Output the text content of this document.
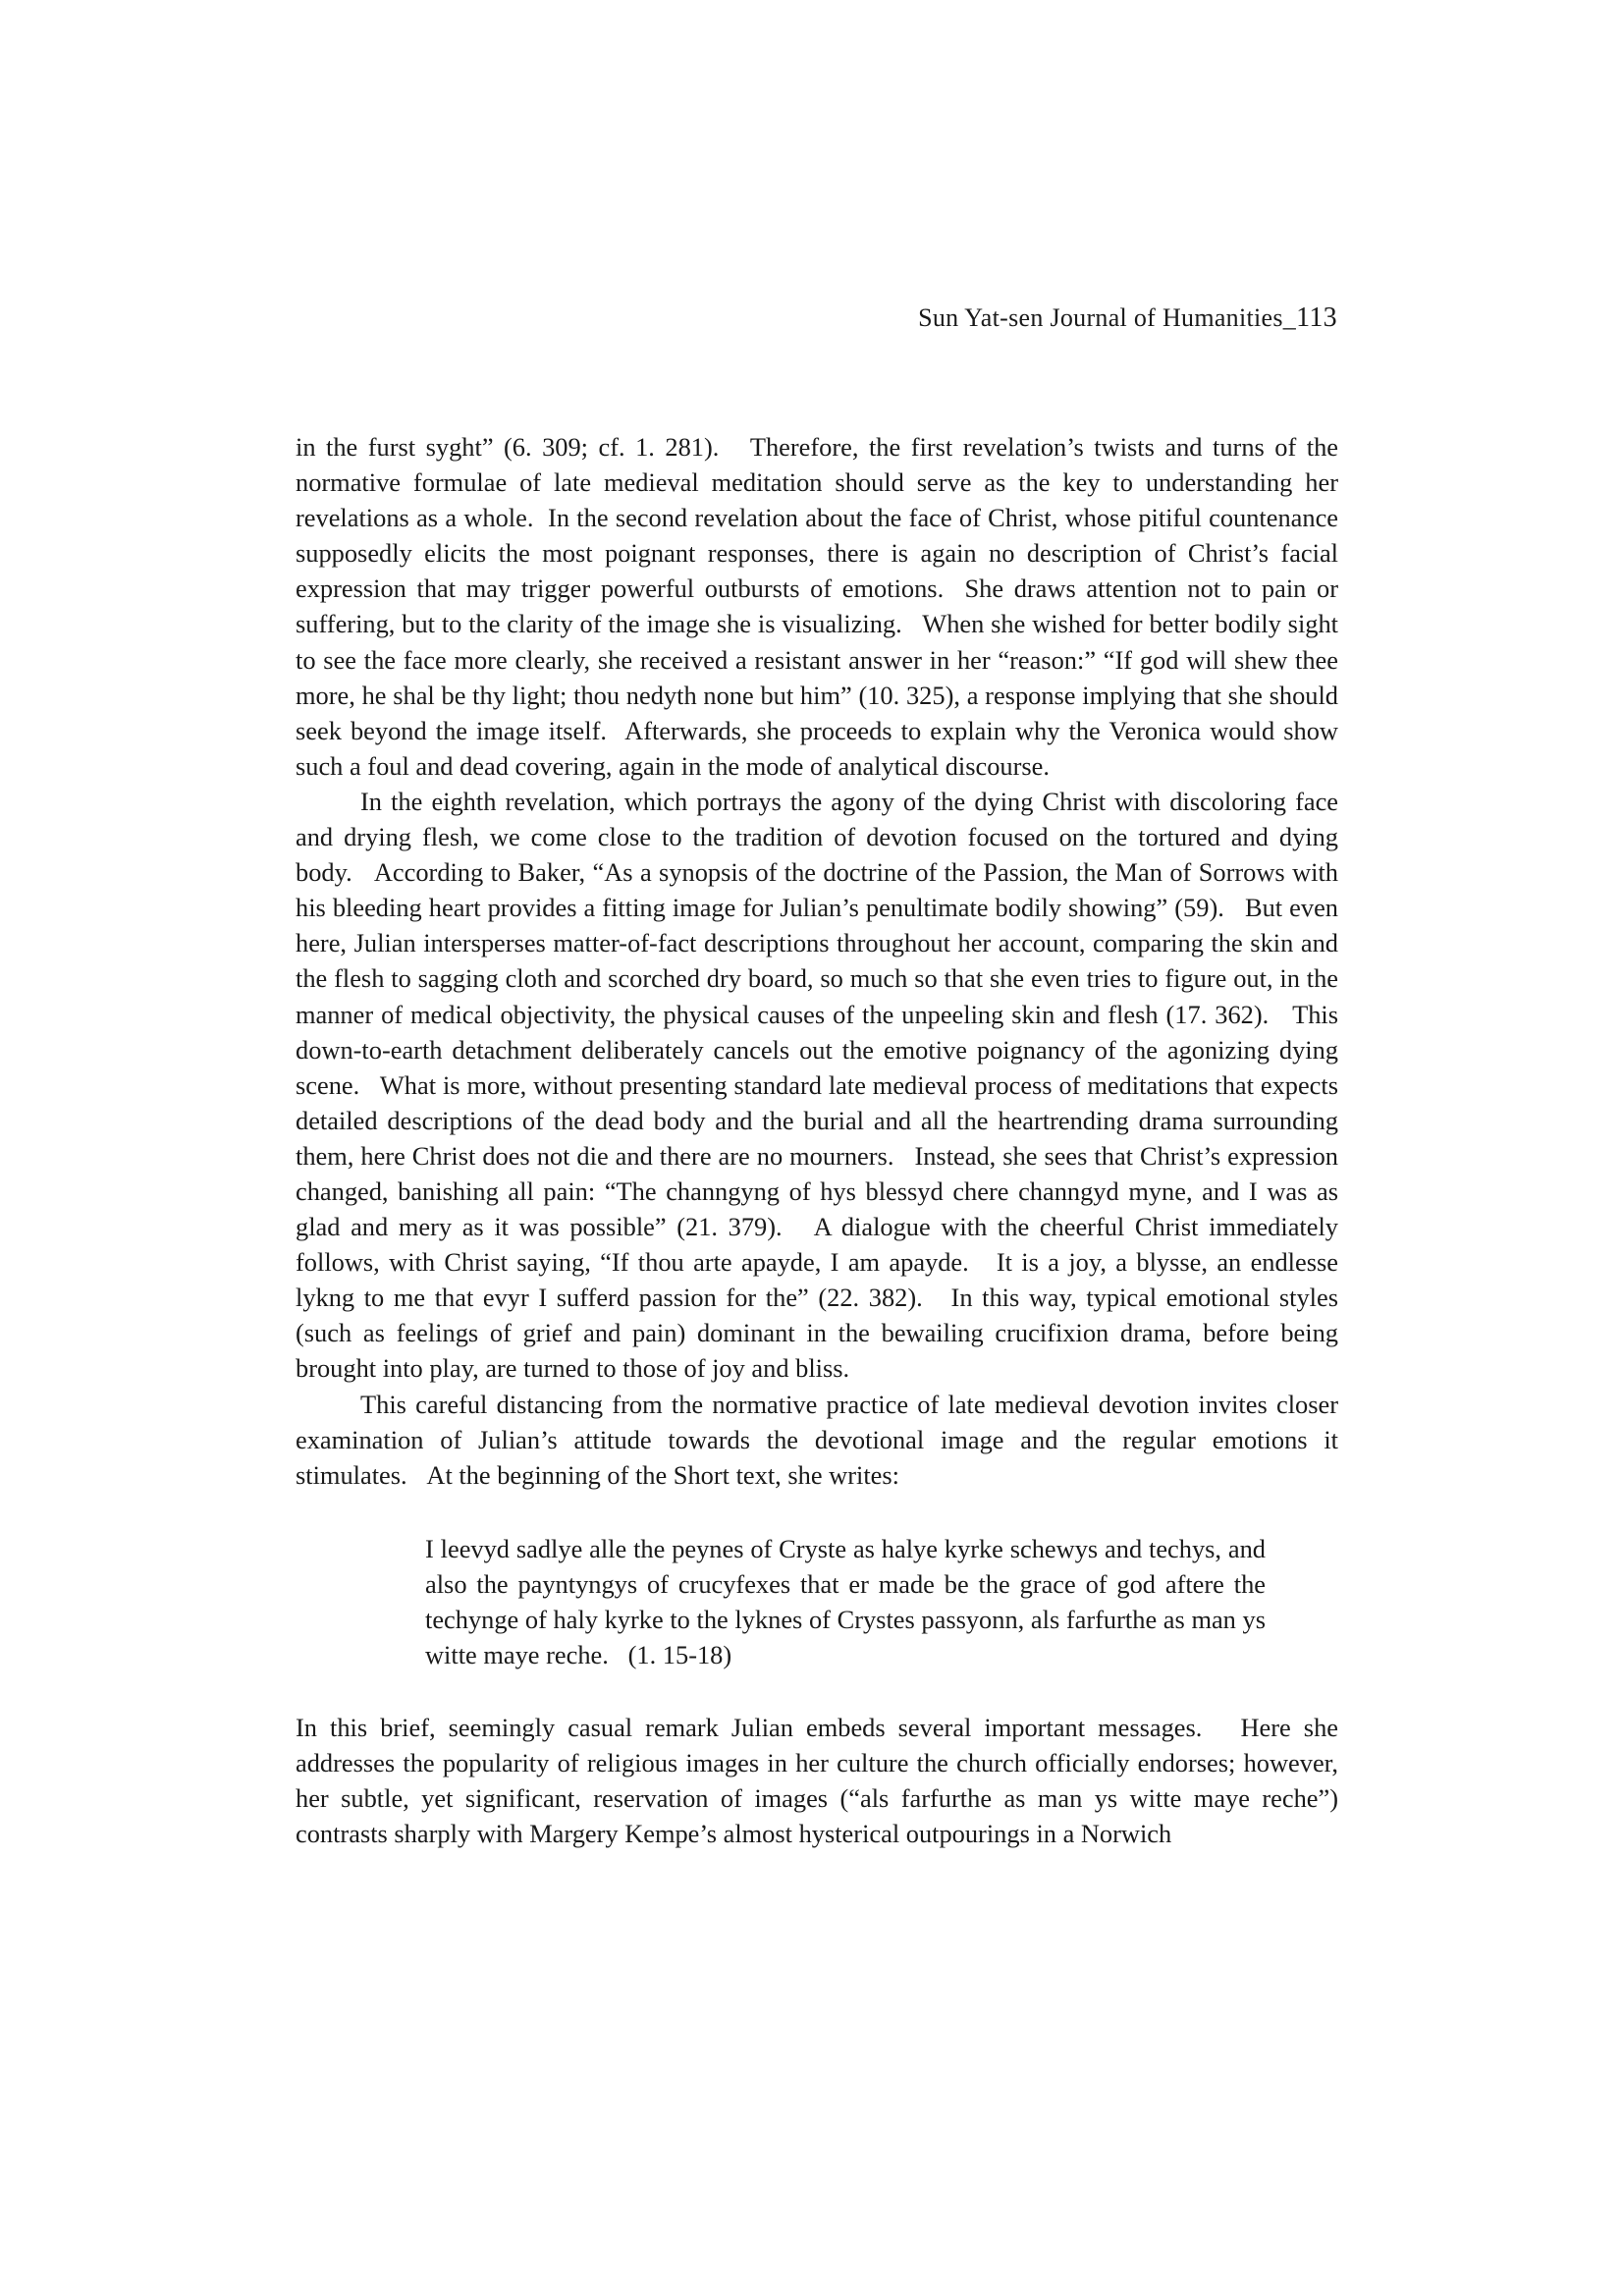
Sun Yat-sen Journal of Humanities_113

in the furst syght” (6. 309; cf. 1. 281).   Therefore, the first revelation’s twists and turns of the normative formulae of late medieval meditation should serve as the key to understanding her revelations as a whole.  In the second revelation about the face of Christ, whose pitiful countenance supposedly elicits the most poignant responses, there is again no description of Christ’s facial expression that may trigger powerful outbursts of emotions.  She draws attention not to pain or suffering, but to the clarity of the image she is visualizing.   When she wished for better bodily sight to see the face more clearly, she received a resistant answer in her “reason:” “If god will shew thee more, he shal be thy light; thou nedyth none but him” (10. 325), a response implying that she should seek beyond the image itself.  Afterwards, she proceeds to explain why the Veronica would show such a foul and dead covering, again in the mode of analytical discourse.

In the eighth revelation, which portrays the agony of the dying Christ with discoloring face and drying flesh, we come close to the tradition of devotion focused on the tortured and dying body.   According to Baker, “As a synopsis of the doctrine of the Passion, the Man of Sorrows with his bleeding heart provides a fitting image for Julian’s penultimate bodily showing” (59).   But even here, Julian intersperses matter-of-fact descriptions throughout her account, comparing the skin and the flesh to sagging cloth and scorched dry board, so much so that she even tries to figure out, in the manner of medical objectivity, the physical causes of the unpeeling skin and flesh (17. 362).   This down-to-earth detachment deliberately cancels out the emotive poignancy of the agonizing dying scene.   What is more, without presenting standard late medieval process of meditations that expects detailed descriptions of the dead body and the burial and all the heartrending drama surrounding them, here Christ does not die and there are no mourners.   Instead, she sees that Christ’s expression changed, banishing all pain: “The channgyng of hys blessyd chere channgyd myne, and I was as glad and mery as it was possible” (21. 379).   A dialogue with the cheerful Christ immediately follows, with Christ saying, “If thou arte apayde, I am apayde.   It is a joy, a blysse, an endlesse lykng to me that evyr I sufferd passion for the” (22. 382).   In this way, typical emotional styles (such as feelings of grief and pain) dominant in the bewailing crucifixion drama, before being brought into play, are turned to those of joy and bliss.

This careful distancing from the normative practice of late medieval devotion invites closer examination of Julian’s attitude towards the devotional image and the regular emotions it stimulates.   At the beginning of the Short text, she writes:

I leevyd sadlye alle the peynes of Cryste as halye kyrke schewys and techys, and also the payntyngys of crucyfexes that er made be the grace of god aftere the techynge of haly kyrke to the lyknes of Crystes passyonn, als farfurthe as man ys witte maye reche.   (1. 15-18)

In this brief, seemingly casual remark Julian embeds several important messages.   Here she addresses the popularity of religious images in her culture the church officially endorses; however, her subtle, yet significant, reservation of images (“als farfurthe as man ys witte maye reche”) contrasts sharply with Margery Kempe’s almost hysterical outpourings in a Norwich
